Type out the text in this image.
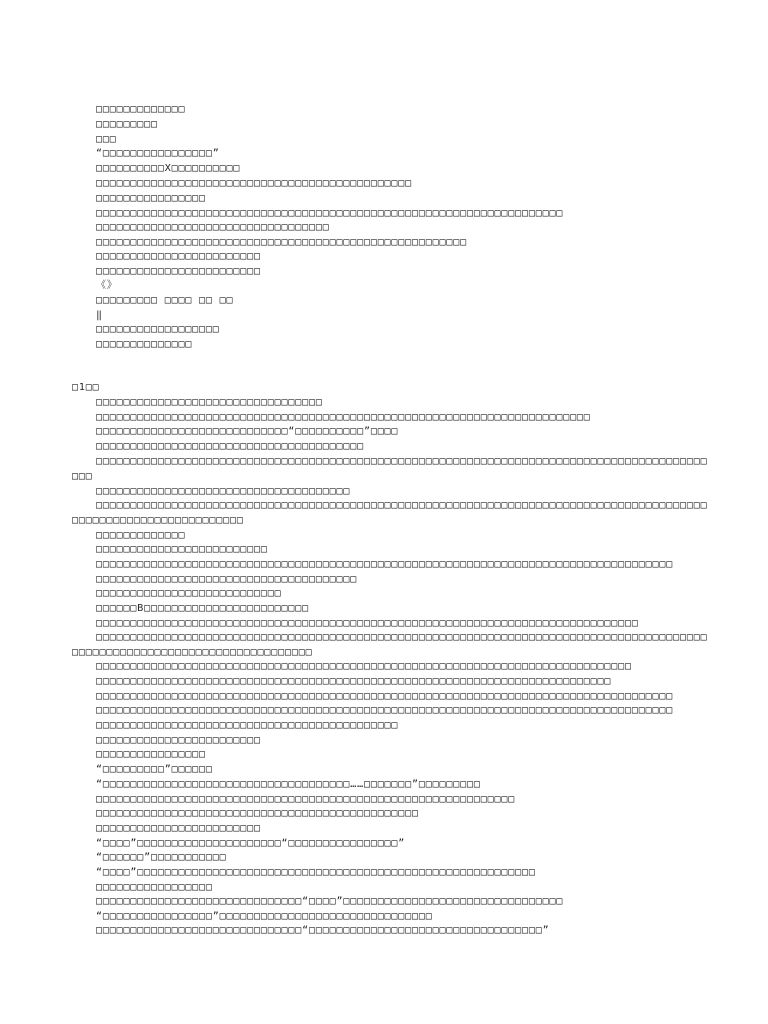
□□□□□□□□□□□□□
□□□□□□□□□
□□□
“□□□□□□□□□□□□□□□□”
□□□□□□□□□□X□□□□□□□□□□
□□□□□□□□□□□□□□□□□□□□□□□□□□□□□□□□□□□□□□□□□□□□□□
□□□□□□□□□□□□□□□□
□□□□□□□□□□□□□□□□□□□□□□□□□□□□□□□□□□□□□□□□□□□□□□□□□□□□□□□□□□□□□□□□□□□□
□□□□□□□□□□□□□□□□□□□□□□□□□□□□□□□□□□
□□□□□□□□□□□□□□□□□□□□□□□□□□□□□□□□□□□□□□□□□□□□□□□□□□□□□□
□□□□□□□□□□□□□□□□□□□□□□□□
□□□□□□□□□□□□□□□□□□□□□□□□
《》
□□□□□□□□□ □□□□ □□ □□
‖
□□□□□□□□□□□□□□□□□□
□□□□□□□□□□□□□□
□1□□
□□□□□□□□□□□□□□□□□□□□□□□□□□□□□□□□□
□□□□□□□□□□□□□□□□□□□□□□□□□□□□□□□□□□□□□□□□□□□□□□□□□□□□□□□□□□□□□□□□□□□□□□□□
□□□□□□□□□□□□□□□□□□□□□□□□□□□□“□□□□□□□□□□”□□□□
□□□□□□□□□□□□□□□□□□□□□□□□□□□□□□□□□□□□□□□
□□□□□□□□□□□□□□□□□□□□□□□□□□□□□□□□□□□□□□□□□□□□□□□□□□□□□□□□□□□□□□□□□□□□□□□□□□□□□□□□□□□□□□□□□
□□□
□□□□□□□□□□□□□□□□□□□□□□□□□□□□□□□□□□□□□
□□□□□□□□□□□□□□□□□□□□□□□□□□□□□□□□□□□□□□□□□□□□□□□□□□□□□□□□□□□□□□□□□□□□□□□□□□□□□□□□□□□□□□□□□
□□□□□□□□□□□□□□□□□□□□□□□□□
□□□□□□□□□□□□□
□□□□□□□□□□□□□□□□□□□□□□□□□
□□□□□□□□□□□□□□□□□□□□□□□□□□□□□□□□□□□□□□□□□□□□□□□□□□□□□□□□□□□□□□□□□□□□□□□□□□□□□□□□□□□□
□□□□□□□□□□□□□□□□□□□□□□□□□□□□□□□□□□□□□□
□□□□□□□□□□□□□□□□□□□□□□□□□□□
□□□□□□B□□□□□□□□□□□□□□□□□□□□□□□□
□□□□□□□□□□□□□□□□□□□□□□□□□□□□□□□□□□□□□□□□□□□□□□□□□□□□□□□□□□□□□□□□□□□□□□□□□□□□□□□
□□□□□□□□□□□□□□□□□□□□□□□□□□□□□□□□□□□□□□□□□□□□□□□□□□□□□□□□□□□□□□□□□□□□□□□□□□□□□□□□□□□□□□□□□
□□□□□□□□□□□□□□□□□□□□□□□□□□□□□□□□□□□
□□□□□□□□□□□□□□□□□□□□□□□□□□□□□□□□□□□□□□□□□□□□□□□□□□□□□□□□□□□□□□□□□□□□□□□□□□□□□□
□□□□□□□□□□□□□□□□□□□□□□□□□□□□□□□□□□□□□□□□□□□□□□□□□□□□□□□□□□□□□□□□□□□□□□□□□□□
□□□□□□□□□□□□□□□□□□□□□□□□□□□□□□□□□□□□□□□□□□□□□□□□□□□□□□□□□□□□□□□□□□□□□□□□□□□□□□□□□□□□
□□□□□□□□□□□□□□□□□□□□□□□□□□□□□□□□□□□□□□□□□□□□□□□□□□□□□□□□□□□□□□□□□□□□□□□□□□□□□□□□□□□□
□□□□□□□□□□□□□□□□□□□□□□□□□□□□□□□□□□□□□□□□□□□□
□□□□□□□□□□□□□□□□□□□□□□□□
□□□□□□□□□□□□□□□□
“□□□□□□□□□”□□□□□□
“□□□□□□□□□□□□□□□□□□□□□□□□□□□□□□□□□□□□……□□□□□□□”□□□□□□□□□
□□□□□□□□□□□□□□□□□□□□□□□□□□□□□□□□□□□□□□□□□□□□□□□□□□□□□□□□□□□□□
□□□□□□□□□□□□□□□□□□□□□□□□□□□□□□□□□□□□□□□□□□□□□□□
□□□□□□□□□□□□□□□□□□□□□□□□
“□□□□”□□□□□□□□□□□□□□□□□□□□□“□□□□□□□□□□□□□□□□”
“□□□□□□”□□□□□□□□□□□
“□□□□”□□□□□□□□□□□□□□□□□□□□□□□□□□□□□□□□□□□□□□□□□□□□□□□□□□□□□□□□□□
□□□□□□□□□□□□□□□□□
□□□□□□□□□□□□□□□□□□□□□□□□□□□□□□“□□□□”□□□□□□□□□□□□□□□□□□□□□□□□□□□□□□□□
“□□□□□□□□□□□□□□□□”□□□□□□□□□□□□□□□□□□□□□□□□□□□□□□□
□□□□□□□□□□□□□□□□□□□□□□□□□□□□□□“□□□□□□□□□□□□□□□□□□□□□□□□□□□□□□□□□□”
